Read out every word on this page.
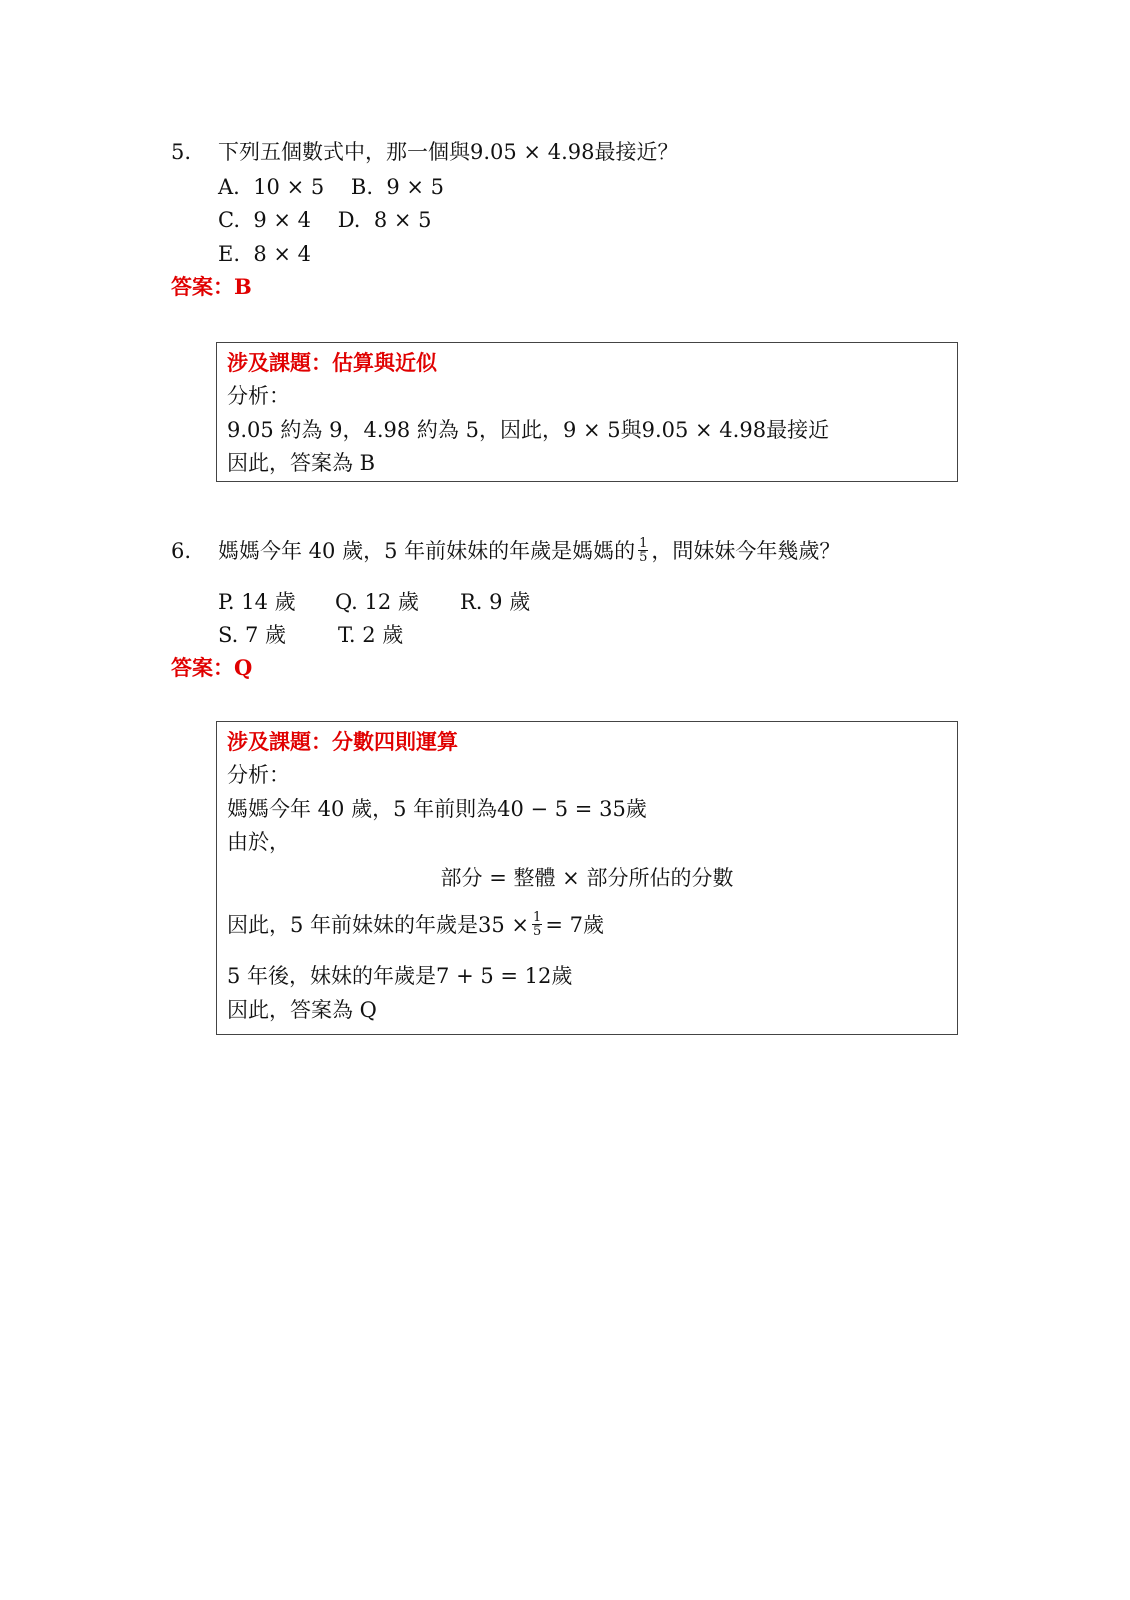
5. 下列五個數式中，那一個與9.05 × 4.98最接近？
A.  10 × 5    B.  9 × 5
C.  9 × 4    D.  8 × 5
E.  8 × 4
答案：B
涉及課題：估算與近似
分析：
9.05 約為 9，4.98 約為 5，因此，9 × 5與9.05 × 4.98最接近
因此，答案為 B
6. 媽媽今年 40 歲，5 年前妹妹的年歲是媽媽的 $\frac{1}{5}$ ，問妹妹今年幾歲？
P. 14 歲 Q. 12 歲 R. 9 歲
S. 7 歲 T. 2 歲
答案：Q
涉及課題：分數四則運算
分析：
媽媽今年 40 歲，5 年前則為40 − 5 = 35歲
由於，
部分 = 整體 × 部分所佔的分數
因此，5 年前妹妹的年歲是$35 \times \frac{1}{5} = 7$歲
5 年後，妹妹的年歲是7 + 5 = 12歲
因此，答案為 Q
